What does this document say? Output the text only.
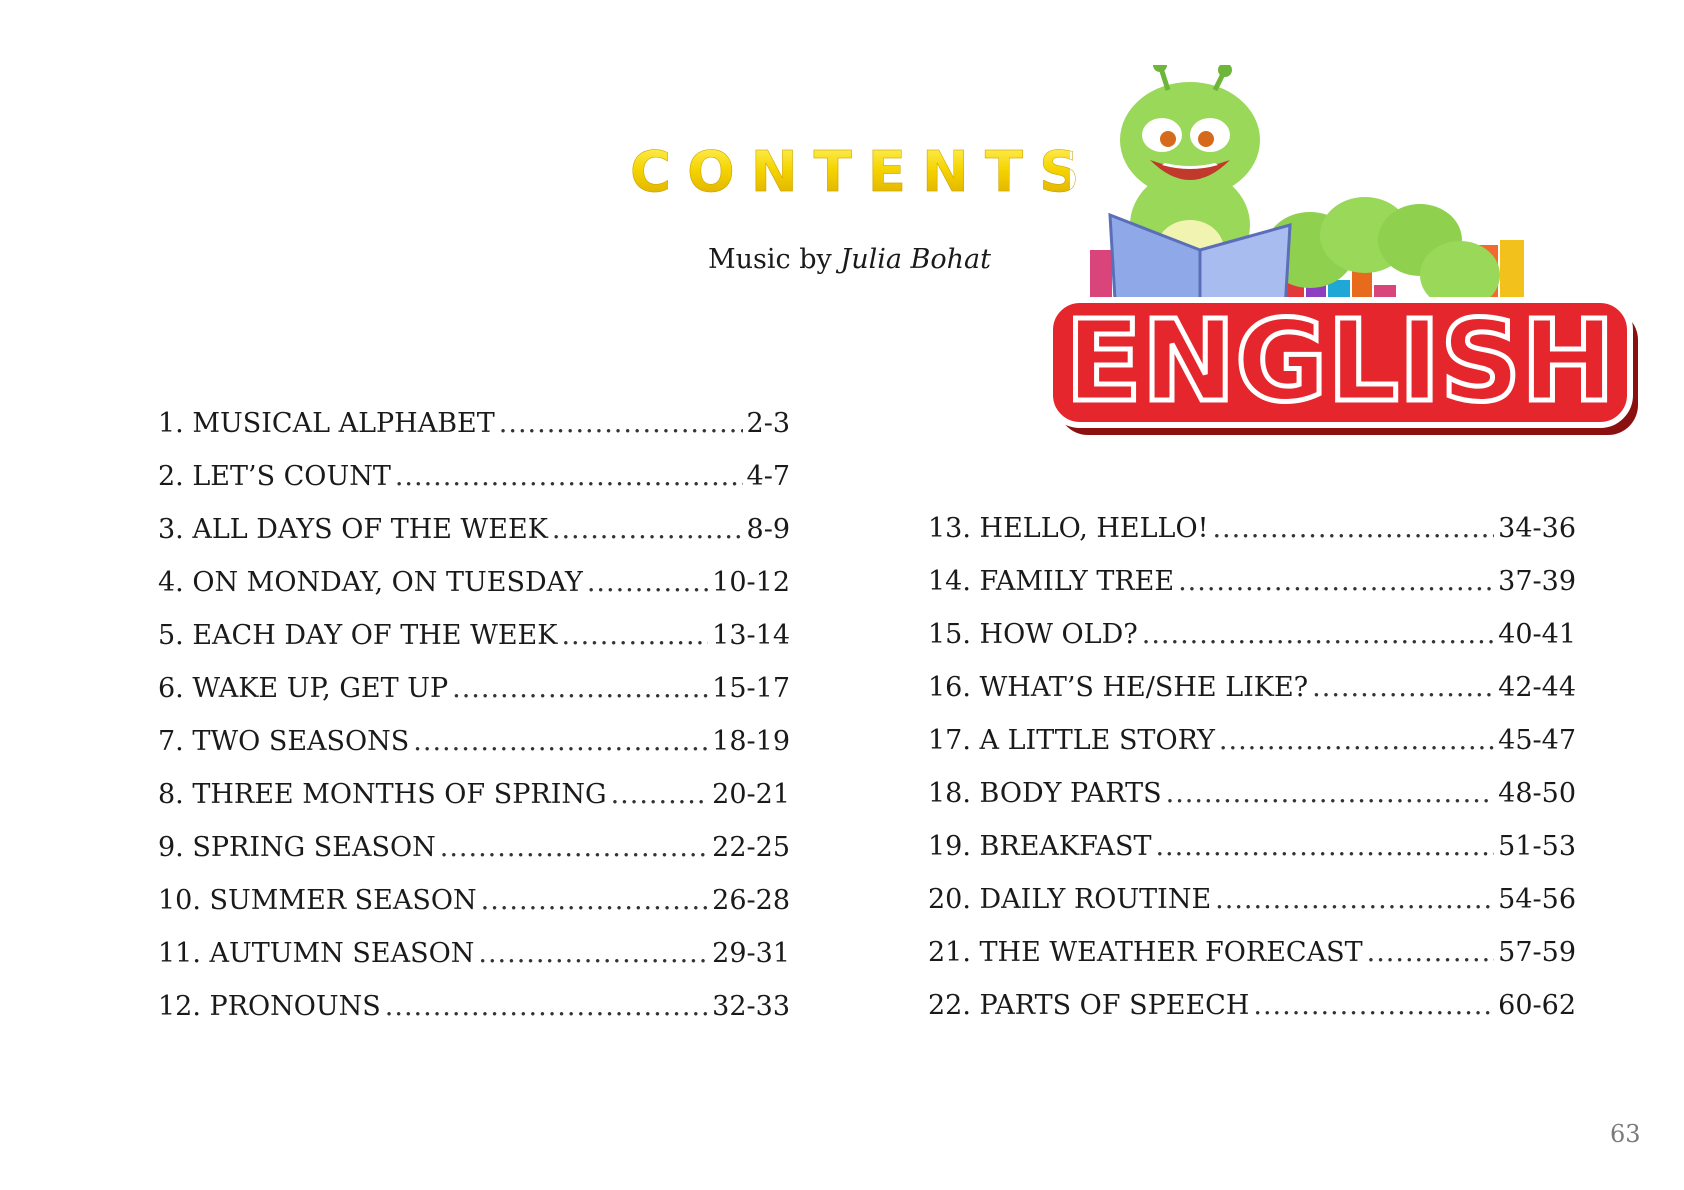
CONTENTS
Music by Julia Bohat
ENGLISH
1. MUSICAL ALPHABET .....	2-3
2. LET’S COUNT .....	4-7
3. ALL DAYS OF THE WEEK .....	8-9
4. ON MONDAY, ON TUESDAY .....	10-12
5. EACH DAY OF THE WEEK .....	13-14
6. WAKE UP, GET UP .....	15-17
7. TWO SEASONS .....	18-19
8. THREE MONTHS OF SPRING .....	20-21
9. SPRING SEASON .....	22-25
10. SUMMER SEASON .....	26-28
11. AUTUMN SEASON .....	29-31
12. PRONOUNS .....	32-33
13. HELLO, HELLO! .....	34-36
14. FAMILY TREE .....	37-39
15. HOW OLD? .....	40-41
16. WHAT’S HE/SHE LIKE? .....	42-44
17. A LITTLE STORY .....	45-47
18. BODY PARTS .....	48-50
19. BREAKFAST .....	51-53
20. DAILY ROUTINE .....	54-56
21. THE WEATHER FORECAST .....	57-59
22. PARTS OF SPEECH .....	60-62
63
